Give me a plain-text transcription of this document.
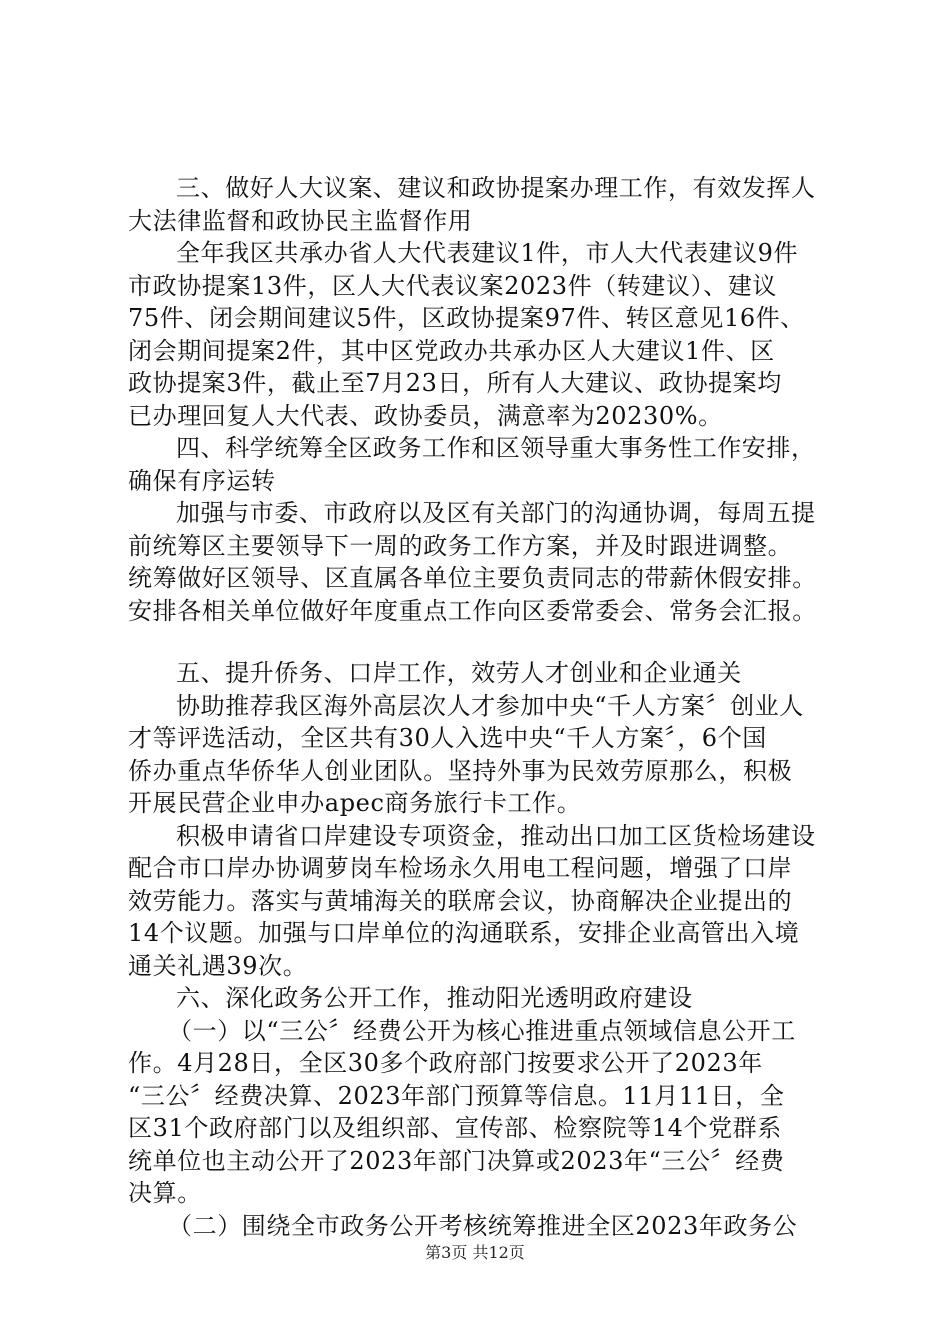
三、做好人大议案、建议和政协提案办理工作，有效发挥人
大法律监督和政协民主监督作用
全年我区共承办省人大代表建议1件，市人大代表建议9件
市政协提案13件，区人大代表议案2023件（转建议）、建议
75件、闭会期间建议5件，区政协提案97件、转区意见16件、
闭会期间提案2件，其中区党政办共承办区人大建议1件、区
政协提案3件，截止至7月23日，所有人大建议、政协提案均
已办理回复人大代表、政协委员，满意率为20230%。
四、科学统筹全区政务工作和区领导重大事务性工作安排，
确保有序运转
加强与市委、市政府以及区有关部门的沟通协调，每周五提
前统筹区主要领导下一周的政务工作方案，并及时跟进调整。
统筹做好区领导、区直属各单位主要负责同志的带薪休假安排。
安排各相关单位做好年度重点工作向区委常委会、常务会汇报。
五、提升侨务、口岸工作，效劳人才创业和企业通关
协助推荐我区海外高层次人才参加中央“千人方案〞创业人
才等评选活动，全区共有30人入选中央“千人方案〞，6个国
侨办重点华侨华人创业团队。坚持外事为民效劳原那么，积极
开展民营企业申办apec商务旅行卡工作。
积极申请省口岸建设专项资金，推动出口加工区货检场建设
配合市口岸办协调萝岗车检场永久用电工程问题，增强了口岸
效劳能力。落实与黄埔海关的联席会议，协商解决企业提出的
14个议题。加强与口岸单位的沟通联系，安排企业高管出入境
通关礼遇39次。
六、深化政务公开工作，推动阳光透明政府建设
（一）以“三公〞经费公开为核心推进重点领域信息公开工
作。4月28日，全区30多个政府部门按要求公开了2023年
“三公〞经费决算、2023年部门预算等信息。11月11日，全
区31个政府部门以及组织部、宣传部、检察院等14个党群系
统单位也主动公开了2023年部门决算或2023年“三公〞经费
决算。
（二）围绕全市政务公开考核统筹推进全区2023年政务公
第3页 共12页
